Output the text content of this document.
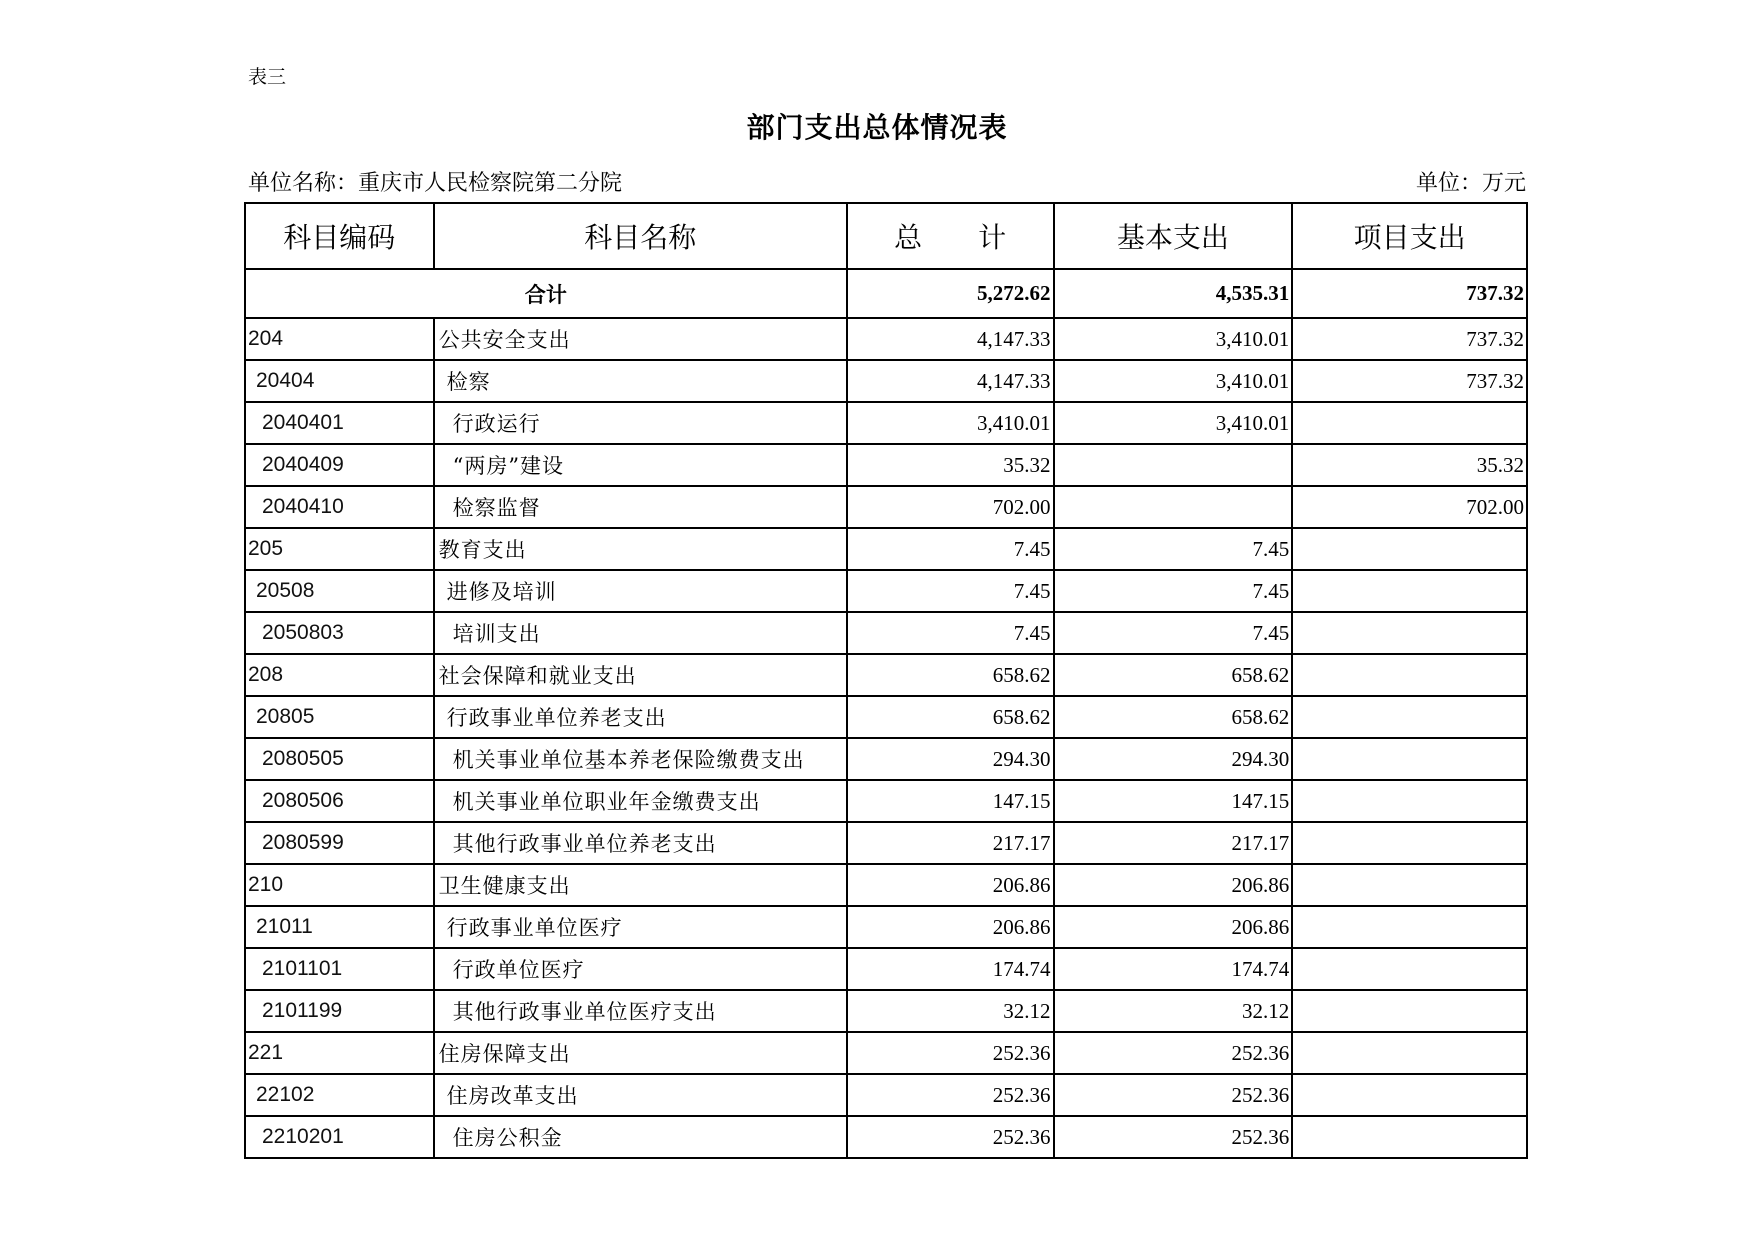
表三
部门支出总体情况表
单位名称：重庆市人民检察院第二分院	单位：万元
科目编码	科目名称	总　　计	基本支出	项目支出
合计		5,272.62	4,535.31	737.32
204	公共安全支出	4,147.33	3,410.01	737.32
20404	检察	4,147.33	3,410.01	737.32
2040401	行政运行	3,410.01	3,410.01	
2040409	“两房”建设	35.32		35.32
2040410	检察监督	702.00		702.00
205	教育支出	7.45	7.45	
20508	进修及培训	7.45	7.45	
2050803	培训支出	7.45	7.45	
208	社会保障和就业支出	658.62	658.62	
20805	行政事业单位养老支出	658.62	658.62	
2080505	机关事业单位基本养老保险缴费支出	294.30	294.30	
2080506	机关事业单位职业年金缴费支出	147.15	147.15	
2080599	其他行政事业单位养老支出	217.17	217.17	
210	卫生健康支出	206.86	206.86	
21011	行政事业单位医疗	206.86	206.86	
2101101	行政单位医疗	174.74	174.74	
2101199	其他行政事业单位医疗支出	32.12	32.12	
221	住房保障支出	252.36	252.36	
22102	住房改革支出	252.36	252.36	
2210201	住房公积金	252.36	252.36	
